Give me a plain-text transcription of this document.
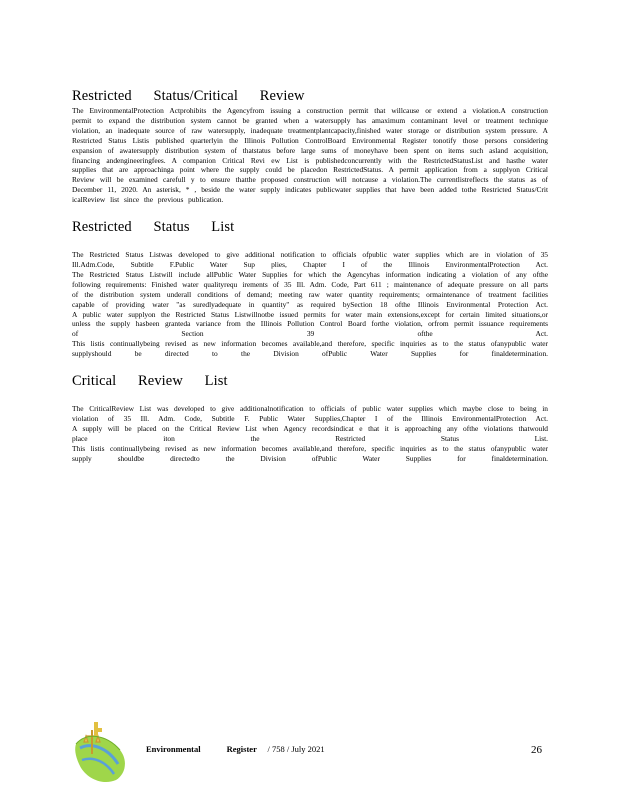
Restricted Status/Critical Review

The EnvironmentalProtection Actprohibits the Agencyfrom issuing a construction permit that willcause or extend a violation.A construction permit to expand the distribution system cannot be granted when a watersupply has amaximum contaminant level or treatment technique violation, an inadequate source of raw watersupply, inadequate treatmentplantcapacity,finished water storage or distribution system pressure. A Restricted Status Listis published quarterlyin the Illinois Pollution ControlBoard Environmental Register tonotify those persons considering expansion of awatersupply distribution system of thatstatus before large sums of moneyhave been spent on items such asland acquisition, financing andengineeringfees. A companion Critical Revi ew List is publishedconcurrently with the RestrictedStatusList and hasthe water supplies that are approachinga point where the supply could be placedon RestrictedStatus. A permit application from a supplyon Critical Review will be examined carefull y to ensure thatthe proposed construction will notcause a violation.The currentlistreflects the status as of December 11, 2020. An asterisk, * , beside the water supply indicates publicwater supplies that have been added tothe Restricted Status/Crit icalReview list since the previous publication.

Restricted Status List

The Restricted Status Listwas developed to give additional notification to officials ofpublic water supplies which are in violation of 35 Ill.Adm.Code, Subtitle F.Public Water Sup plies, Chapter I of the Illinois EnvironmentalProtection Act.

The Restricted Status Listwill include allPublic Water Supplies for which the Agencyhas information indicating a violation of any ofthe following requirements: Finished water qualityrequ irements of 35 Ill. Adm. Code, Part 611 ; maintenance of adequate pressure on all parts of the distribution system underall conditions of demand; meeting raw water quantity requirements; ormaintenance of treatment facilities capable of providing water "as suredlyadequate in quantity" as required bySection 18 ofthe Illinois Environmental Protection Act.

A public water supplyon the Restricted Status Listwillnotbe issued permits for water main extensions,except for certain limited situations,or unless the supply hasbeen granteda variance from the Illinois Pollution Control Board forthe violation, orfrom permit issuance requirements of Section 39 ofthe Act.

This listis continuallybeing revised as new information becomes available,and therefore, specific inquiries as to the status ofanypublic water supplyshould be directed to the Division ofPublic Water Supplies for finaldetermination.

Critical Review List

The CriticalReview List was developed to give additionalnotification to officials of public water supplies which maybe close to being in violation of 35 Ill. Adm. Code, Subtitle F. Public Water Supplies,Chapter I of the Illinois EnvironmentalProtection Act.

A supply will be placed on the Critical Review List when Agency recordsindicat e that it is approaching any ofthe violations thatwould place iton the Restricted Status List.

This listis continuallybeing revised as new information becomes available,and therefore, specific inquiries as to the status ofanypublic water supply shouldbe directedto the Division ofPublic Water Supplies for finaldetermination.

Environmental	Register / 758 / July 2021	26
